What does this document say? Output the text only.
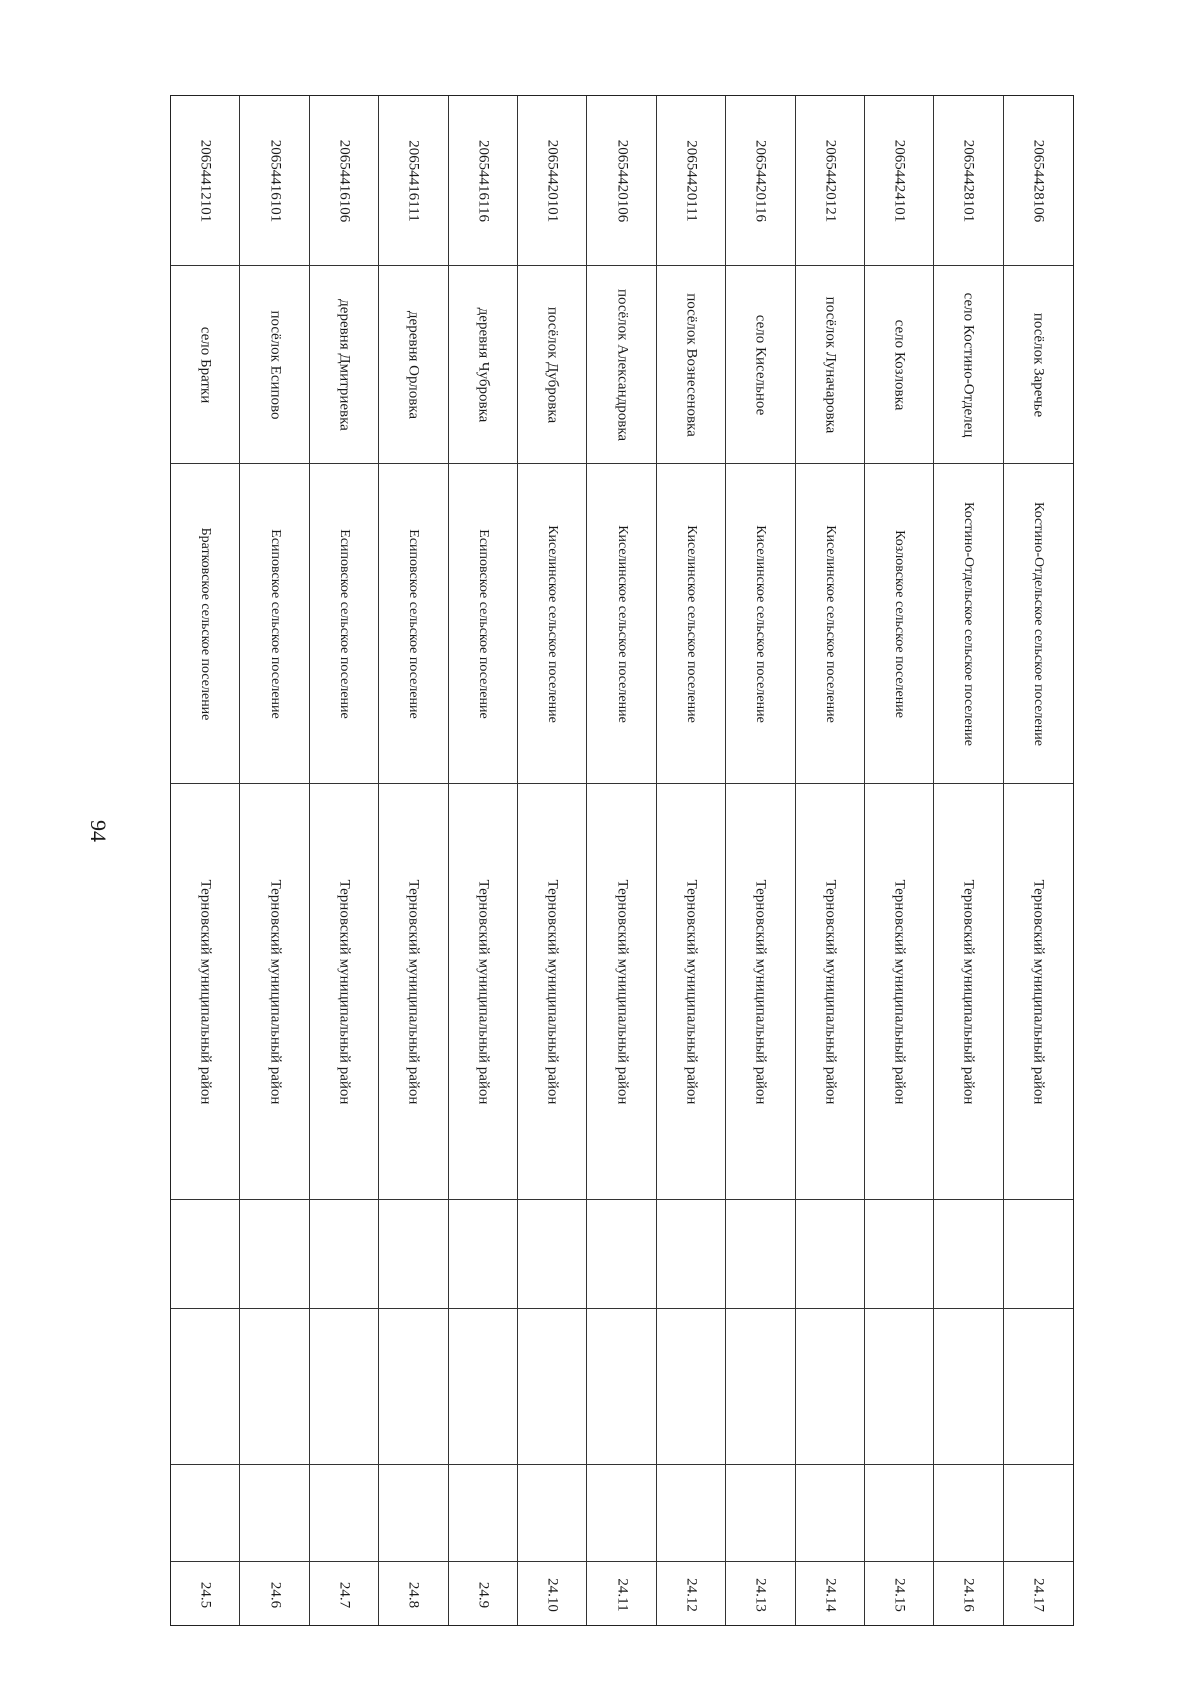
94
20654412101
село Братки
Братковское сельское поселение
Терновский муниципальный район
24.5
20654416101
посёлок Есипово
Есиповское сельское поселение
Терновский муниципальный район
24.6
20654416106
деревня Дмитриевка
Есиповское сельское поселение
Терновский муниципальный район
24.7
20654416111
деревня Орловка
Есиповское сельское поселение
Терновский муниципальный район
24.8
20654416116
деревня Чубровка
Есиповское сельское поселение
Терновский муниципальный район
24.9
20654420101
посёлок Дубровка
Киселинское сельское поселение
Терновский муниципальный район
24.10
20654420106
посёлок Александровка
Киселинское сельское поселение
Терновский муниципальный район
24.11
20654420111
посёлок Вознесеновка
Киселинское сельское поселение
Терновский муниципальный район
24.12
20654420116
село Кисельное
Киселинское сельское поселение
Терновский муниципальный район
24.13
20654420121
посёлок Луначаровка
Киселинское сельское поселение
Терновский муниципальный район
24.14
20654424101
село Козловка
Козловское сельское поселение
Терновский муниципальный район
24.15
20654428101
село Костино-Отделец
Костино-Отдельское сельское поселение
Терновский муниципальный район
24.16
20654428106
посёлок Заречье
Костино-Отдельское сельское поселение
Терновский муниципальный район
24.17
